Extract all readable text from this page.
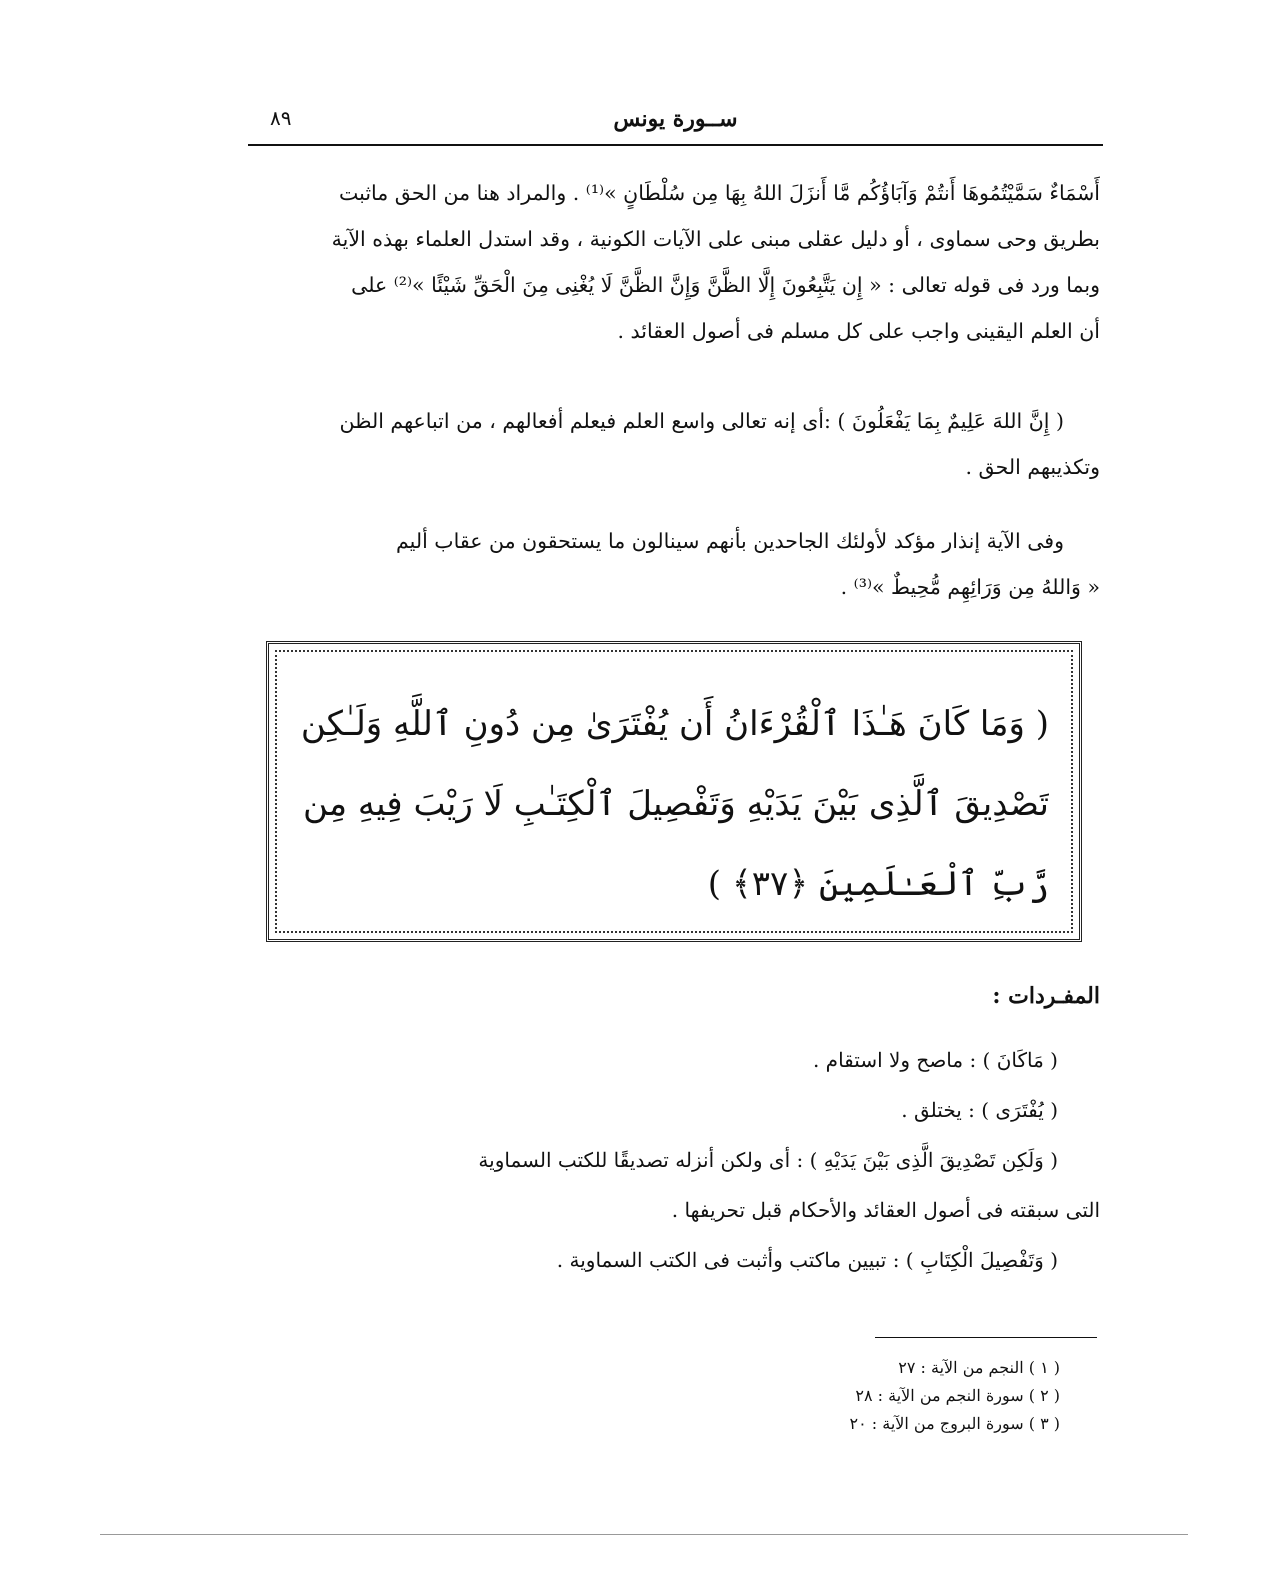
٨٩	ســورة يونس
أَسْمَاءٌ سَمَّيْتُمُوهَا أَنتُمْ وَآبَاؤُكُم مَّا أَنزَلَ اللهُ بِهَا مِن سُلْطَانٍ »⁽¹⁾ . والمراد هنا من الحق ماثبت
بطريق وحى سماوى ، أو دليل عقلى مبنى على الآيات الكونية ، وقد استدل العلماء بهذه الآية
وبما ورد فى قوله تعالى : « إِن يَتَّبِعُونَ إِلَّا الظَّنَّ وَإِنَّ الظَّنَّ لَا يُغْنِى مِنَ الْحَقِّ شَيْئًا »⁽²⁾ على
أن العلم اليقينى واجب على كل مسلم فى أصول العقائد .
( إِنَّ اللهَ عَلِيمٌ بِمَا يَفْعَلُونَ ) :أى إنه تعالى واسع العلم فيعلم أفعالهم ، من اتباعهم الظن
وتكذيبهم الحق .
وفى الآية إنذار مؤكد لأولئك الجاحدين بأنهم سينالون ما يستحقون من عقاب أليم
« وَاللهُ مِن وَرَائِهِم مُّحِيطٌ »⁽³⁾ .
( وَمَا كَانَ هَـٰذَا ٱلْقُرْءَانُ أَن يُفْتَرَىٰ مِن دُونِ ٱللَّهِ وَلَـٰكِن
تَصْدِيقَ ٱلَّذِى بَيْنَ يَدَيْهِ وَتَفْصِيلَ ٱلْكِتَـٰبِ لَا رَيْبَ فِيهِ مِن
رَّبِّ ٱلْعَـٰلَمِينَ ﴿٣٧﴾ )
المفـردات :
( مَاكَانَ ) : ماصح ولا استقام .
( يُفْتَرَى ) : يختلق .
( وَلَكِن تَصْدِيقَ الَّذِى بَيْنَ يَدَيْهِ ) : أى ولكن أنزله تصديقًا للكتب السماوية
التى سبقته فى أصول العقائد والأحكام قبل تحريفها .
( وَتَفْصِيلَ الْكِتَابِ ) : تبيين ماكتب وأثبت فى الكتب السماوية .
( ١ ) النجم من الآية : ٢٧
( ٢ ) سورة النجم من الآية : ٢٨
( ٣ ) سورة البروج من الآية : ٢٠
